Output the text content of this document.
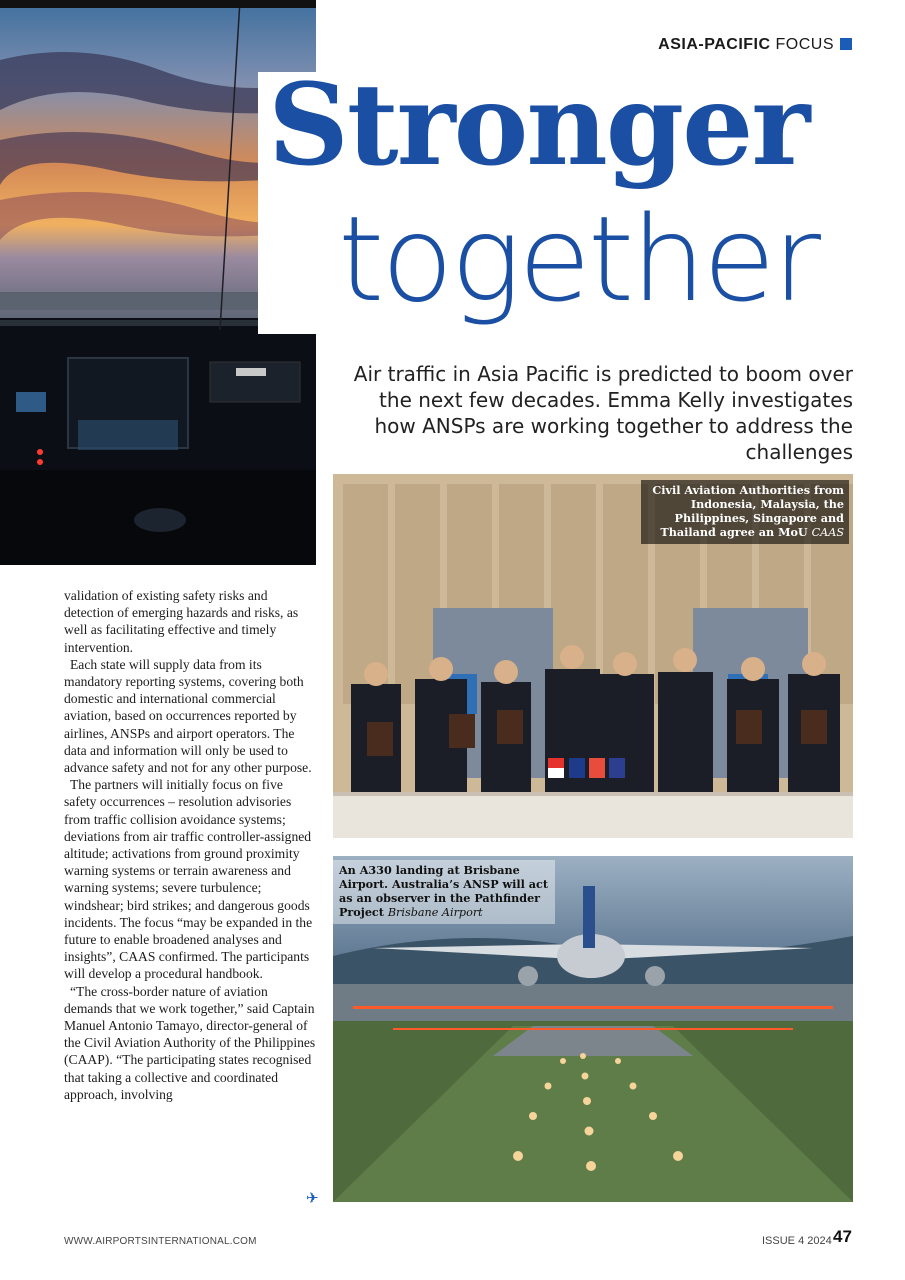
ASIA-PACIFIC FOCUS
Stronger
together
Air traffic in Asia Pacific is predicted to boom over the next few decades. Emma Kelly investigates how ANSPs are working together to address the challenges

validation of existing safety risks and detection of emerging hazards and risks, as well as facilitating effective and timely intervention.

Each state will supply data from its mandatory reporting systems, covering both domestic and international commercial aviation, based on occurrences reported by airlines, ANSPs and airport operators. The data and information will only be used to advance safety and not for any other purpose.

The partners will initially focus on five safety occurrences – resolution advisories from traffic collision avoidance systems; deviations from air traffic controller-assigned altitude; activations from ground proximity warning systems or terrain awareness and warning systems; severe turbulence; windshear; bird strikes; and dangerous goods incidents. The focus “may be expanded in the future to enable broadened analyses and insights”, CAAS confirmed. The participants will develop a procedural handbook.

“The cross-border nature of aviation demands that we work together,” said Captain Manuel Antonio Tamayo, director-general of the Civil Aviation Authority of the Philippines (CAAP). “The participating states recognised that taking a collective and coordinated approach, involving

✈
Civil Aviation Authorities from Indonesia, Malaysia, the Philippines, Singapore and Thailand agree an MoU CAAS
An A330 landing at Brisbane Airport. Australia’s ANSP will act as an observer in the Pathfinder Project Brisbane Airport
WWW.AIRPORTSINTERNATIONAL.COM	ISSUE 4 2024 47
